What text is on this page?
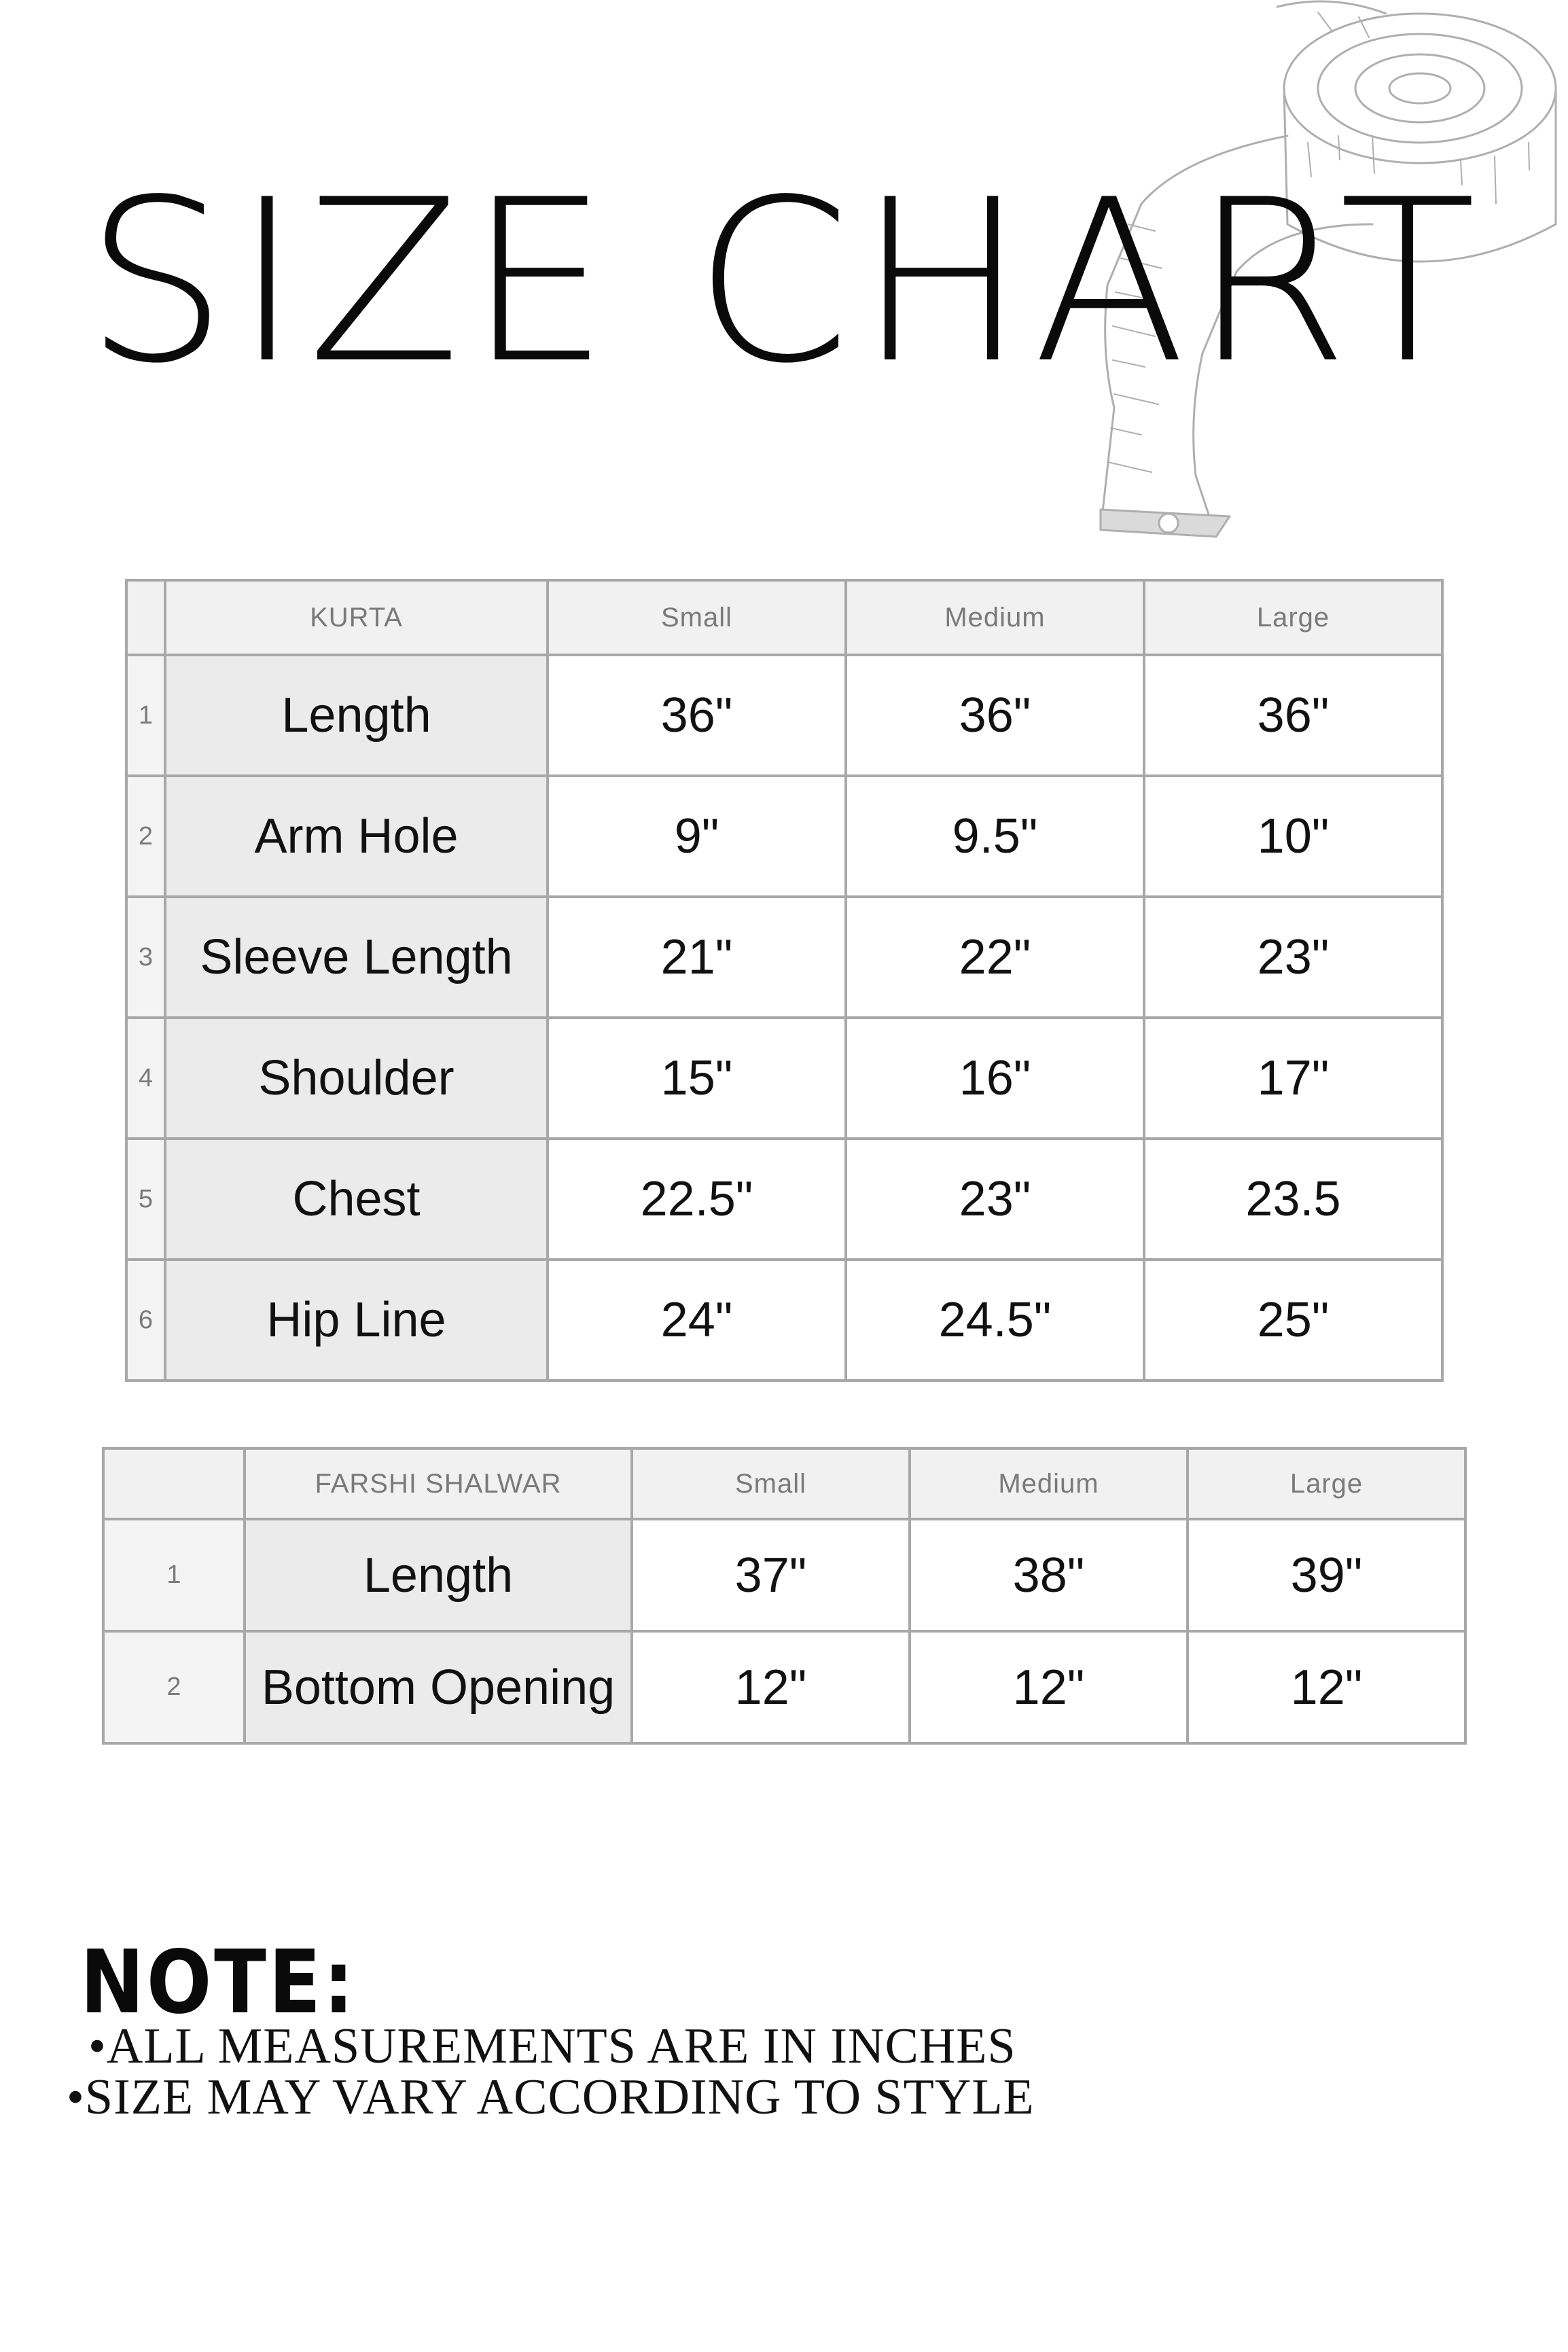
SIZE CHART
	KURTA	Small	Medium	Large
1	Length	36"	36"	36"
2	Arm Hole	9"	9.5"	10"
3	Sleeve Length	21"	22"	23"
4	Shoulder	15"	16"	17"
5	Chest	22.5"	23"	23.5
6	Hip Line	24"	24.5"	25"
	FARSHI SHALWAR	Small	Medium	Large
1	Length	37"	38"	39"
2	Bottom Opening	12"	12"	12"
NOTE:
•ALL MEASUREMENTS ARE IN INCHES
•SIZE MAY VARY ACCORDING TO STYLE
